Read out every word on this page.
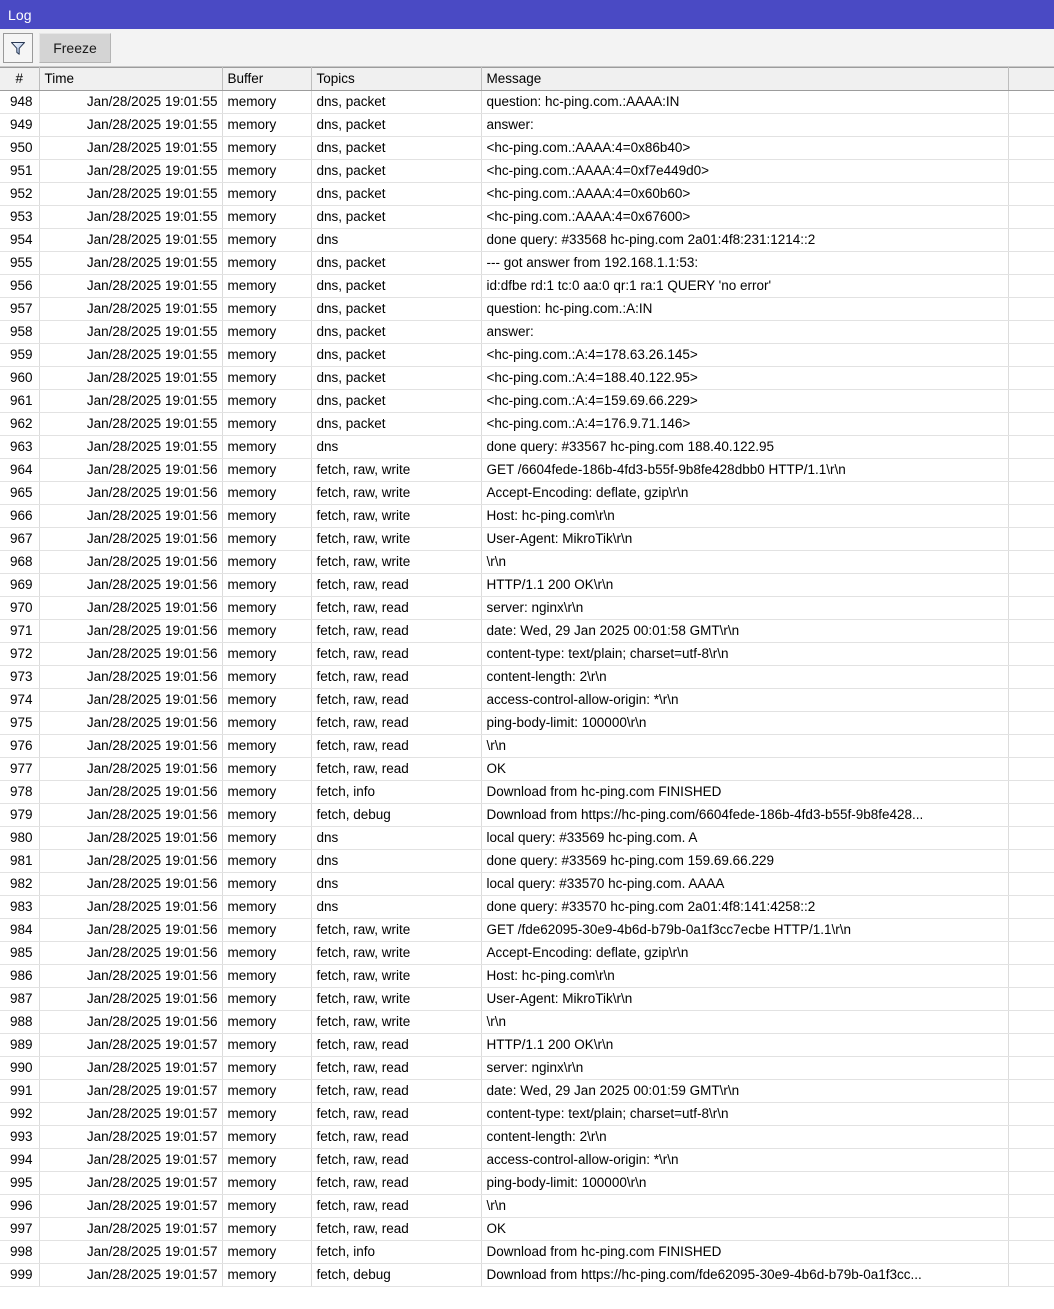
Log
Freeze
#	Time	Buffer	Topics	Message	
948	Jan/28/2025 19:01:55	memory	dns, packet	question: hc-ping.com.:AAAA:IN	
949	Jan/28/2025 19:01:55	memory	dns, packet	answer:	
950	Jan/28/2025 19:01:55	memory	dns, packet	<hc-ping.com.:AAAA:4=0x86b40>	
951	Jan/28/2025 19:01:55	memory	dns, packet	<hc-ping.com.:AAAA:4=0xf7e449d0>	
952	Jan/28/2025 19:01:55	memory	dns, packet	<hc-ping.com.:AAAA:4=0x60b60>	
953	Jan/28/2025 19:01:55	memory	dns, packet	<hc-ping.com.:AAAA:4=0x67600>	
954	Jan/28/2025 19:01:55	memory	dns	done query: #33568 hc-ping.com 2a01:4f8:231:1214::2	
955	Jan/28/2025 19:01:55	memory	dns, packet	--- got answer from 192.168.1.1:53:	
956	Jan/28/2025 19:01:55	memory	dns, packet	id:dfbe rd:1 tc:0 aa:0 qr:1 ra:1 QUERY 'no error'	
957	Jan/28/2025 19:01:55	memory	dns, packet	question: hc-ping.com.:A:IN	
958	Jan/28/2025 19:01:55	memory	dns, packet	answer:	
959	Jan/28/2025 19:01:55	memory	dns, packet	<hc-ping.com.:A:4=178.63.26.145>	
960	Jan/28/2025 19:01:55	memory	dns, packet	<hc-ping.com.:A:4=188.40.122.95>	
961	Jan/28/2025 19:01:55	memory	dns, packet	<hc-ping.com.:A:4=159.69.66.229>	
962	Jan/28/2025 19:01:55	memory	dns, packet	<hc-ping.com.:A:4=176.9.71.146>	
963	Jan/28/2025 19:01:55	memory	dns	done query: #33567 hc-ping.com 188.40.122.95	
964	Jan/28/2025 19:01:56	memory	fetch, raw, write	GET /6604fede-186b-4fd3-b55f-9b8fe428dbb0 HTTP/1.1\r\n	
965	Jan/28/2025 19:01:56	memory	fetch, raw, write	Accept-Encoding: deflate, gzip\r\n	
966	Jan/28/2025 19:01:56	memory	fetch, raw, write	Host: hc-ping.com\r\n	
967	Jan/28/2025 19:01:56	memory	fetch, raw, write	User-Agent: MikroTik\r\n	
968	Jan/28/2025 19:01:56	memory	fetch, raw, write	\r\n	
969	Jan/28/2025 19:01:56	memory	fetch, raw, read	HTTP/1.1 200 OK\r\n	
970	Jan/28/2025 19:01:56	memory	fetch, raw, read	server: nginx\r\n	
971	Jan/28/2025 19:01:56	memory	fetch, raw, read	date: Wed, 29 Jan 2025 00:01:58 GMT\r\n	
972	Jan/28/2025 19:01:56	memory	fetch, raw, read	content-type: text/plain; charset=utf-8\r\n	
973	Jan/28/2025 19:01:56	memory	fetch, raw, read	content-length: 2\r\n	
974	Jan/28/2025 19:01:56	memory	fetch, raw, read	access-control-allow-origin: *\r\n	
975	Jan/28/2025 19:01:56	memory	fetch, raw, read	ping-body-limit: 100000\r\n	
976	Jan/28/2025 19:01:56	memory	fetch, raw, read	\r\n	
977	Jan/28/2025 19:01:56	memory	fetch, raw, read	OK	
978	Jan/28/2025 19:01:56	memory	fetch, info	Download from hc-ping.com FINISHED	
979	Jan/28/2025 19:01:56	memory	fetch, debug	Download from https://hc-ping.com/6604fede-186b-4fd3-b55f-9b8fe428...	
980	Jan/28/2025 19:01:56	memory	dns	local query: #33569 hc-ping.com. A	
981	Jan/28/2025 19:01:56	memory	dns	done query: #33569 hc-ping.com 159.69.66.229	
982	Jan/28/2025 19:01:56	memory	dns	local query: #33570 hc-ping.com. AAAA	
983	Jan/28/2025 19:01:56	memory	dns	done query: #33570 hc-ping.com 2a01:4f8:141:4258::2	
984	Jan/28/2025 19:01:56	memory	fetch, raw, write	GET /fde62095-30e9-4b6d-b79b-0a1f3cc7ecbe HTTP/1.1\r\n	
985	Jan/28/2025 19:01:56	memory	fetch, raw, write	Accept-Encoding: deflate, gzip\r\n	
986	Jan/28/2025 19:01:56	memory	fetch, raw, write	Host: hc-ping.com\r\n	
987	Jan/28/2025 19:01:56	memory	fetch, raw, write	User-Agent: MikroTik\r\n	
988	Jan/28/2025 19:01:56	memory	fetch, raw, write	\r\n	
989	Jan/28/2025 19:01:57	memory	fetch, raw, read	HTTP/1.1 200 OK\r\n	
990	Jan/28/2025 19:01:57	memory	fetch, raw, read	server: nginx\r\n	
991	Jan/28/2025 19:01:57	memory	fetch, raw, read	date: Wed, 29 Jan 2025 00:01:59 GMT\r\n	
992	Jan/28/2025 19:01:57	memory	fetch, raw, read	content-type: text/plain; charset=utf-8\r\n	
993	Jan/28/2025 19:01:57	memory	fetch, raw, read	content-length: 2\r\n	
994	Jan/28/2025 19:01:57	memory	fetch, raw, read	access-control-allow-origin: *\r\n	
995	Jan/28/2025 19:01:57	memory	fetch, raw, read	ping-body-limit: 100000\r\n	
996	Jan/28/2025 19:01:57	memory	fetch, raw, read	\r\n	
997	Jan/28/2025 19:01:57	memory	fetch, raw, read	OK	
998	Jan/28/2025 19:01:57	memory	fetch, info	Download from hc-ping.com FINISHED	
999	Jan/28/2025 19:01:57	memory	fetch, debug	Download from https://hc-ping.com/fde62095-30e9-4b6d-b79b-0a1f3cc...	
